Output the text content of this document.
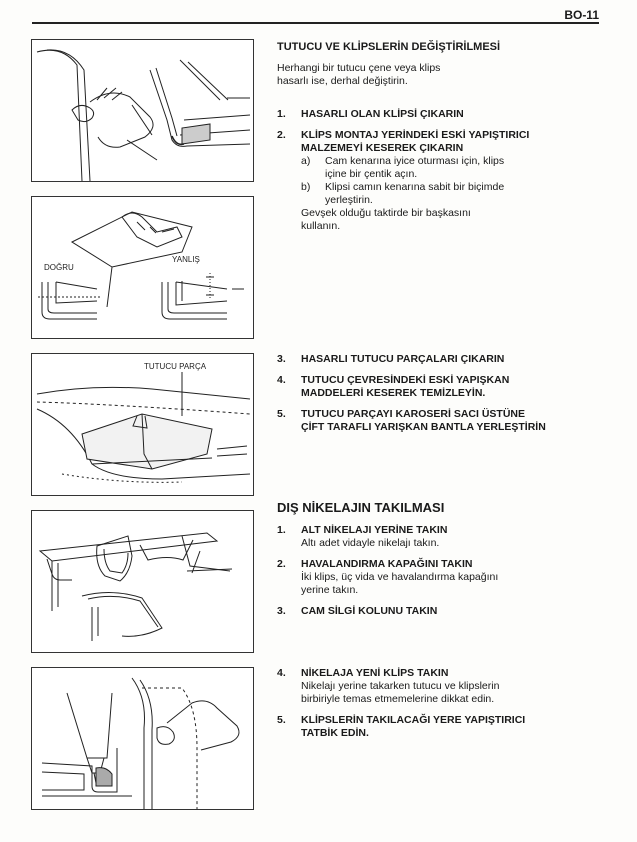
BO-11
DOĞRU
YANLIŞ
TUTUCU PARÇA

TUTUCU VE KLİPSLERİN DEĞİŞTİRİLMESİ

Herhangi bir tutucu çene veya klips

hasarlı ise, derhal değiştirin.

1. HASARLI OLAN KLİPSİ ÇIKARIN
2. KLİPS MONTAJ YERİNDEKİ ESKİ YAPIŞTIRICI
MALZEMEYİ KESEREK ÇIKARIN
a) Cam kenarına iyice oturması için, klips
içine bir çentik açın.
b) Klipsi camın kenarına sabit bir biçimde
yerleştirin.
Gevşek olduğu taktirde bir başkasını
kullanın.
3. HASARLI TUTUCU PARÇALARI ÇIKARIN
4. TUTUCU ÇEVRESİNDEKİ ESKİ YAPIŞKAN
MADDELERİ KESEREK TEMİZLEYİN.
5. TUTUCU PARÇAYI KAROSERİ SACI ÜSTÜNE
ÇİFT TARAFLI YARIŞKAN BANTLA YERLEŞTİRİN

DIŞ NİKELAJIN TAKILMASI

1. ALT NİKELAJI YERİNE TAKIN
Altı adet vidayle nikelajı takın.
2. HAVALANDIRMA KAPAĞINI TAKIN
İki klips, üç vida ve havalandırma kapağını
yerine takın.
3. CAM SİLGİ KOLUNU TAKIN
4. NİKELAJA YENİ KLİPS TAKIN
Nikelajı yerine takarken tutucu ve klipslerin
birbiriyle temas etmemelerine dikkat edin.
5. KLİPSLERİN TAKILACAĞI YERE YAPIŞTIRICI
TATBİK EDİN.
